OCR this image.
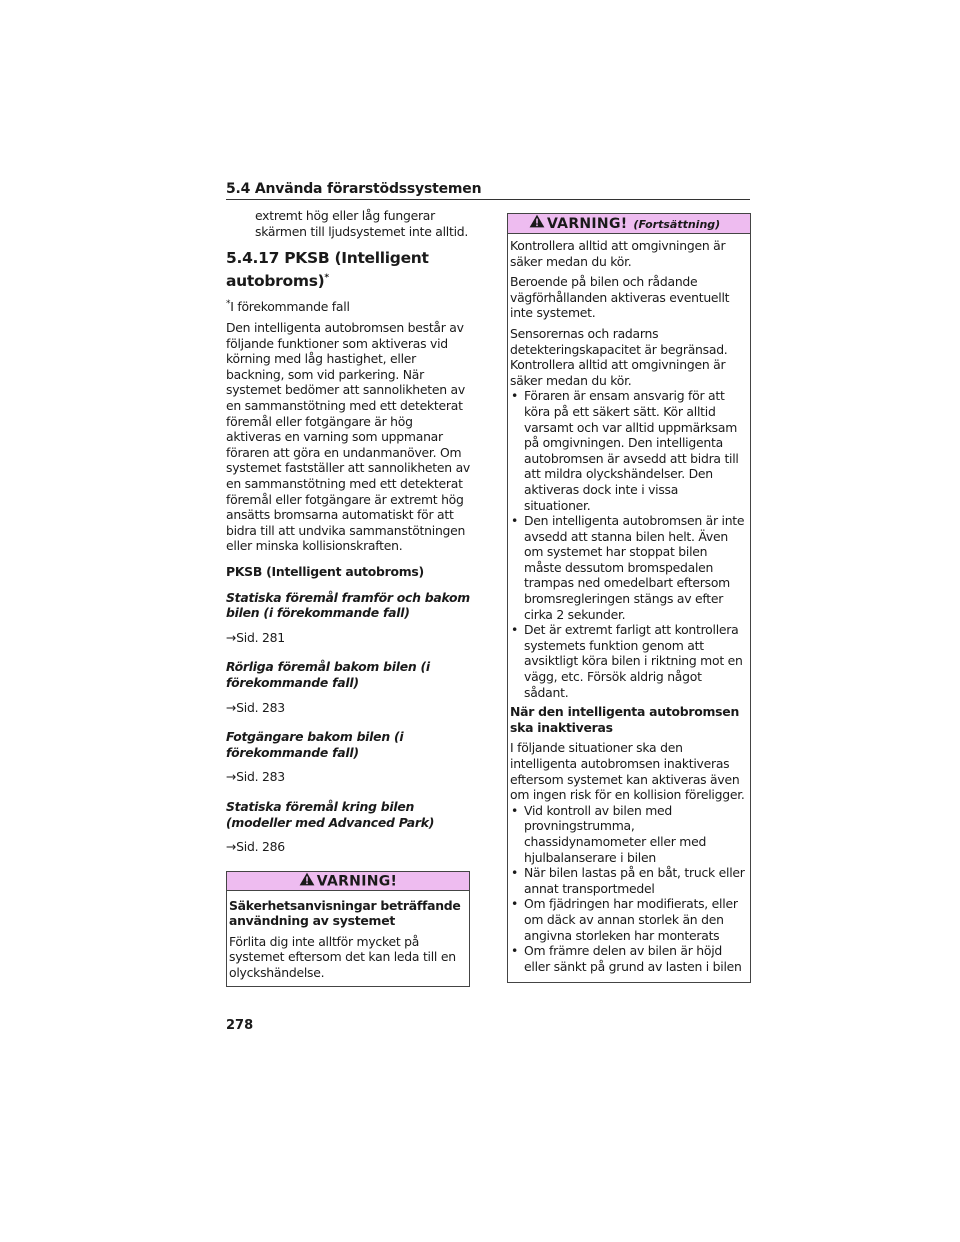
5.4 Använda förarstödssystemen

extremt hög eller låg fungerar skärmen till ljudsystemet inte alltid.

5.4.17 PKSB (Intelligent autobroms)*

*I förekommande fall

Den intelligenta autobromsen består av följande funktioner som aktiveras vid körning med låg hastighet, eller backning, som vid parkering. När systemet bedömer att sannolikheten av en sammanstötning med ett detekterat föremål eller fotgängare är hög aktiveras en varning som uppmanar föraren att göra en undanmanöver. Om systemet fastställer att sannolikheten av en sammanstötning med ett detekterat föremål eller fotgängare är extremt hög ansätts bromsarna automatiskt för att bidra till att undvika sammanstötningen eller minska kollisionskraften.

PKSB (Intelligent autobroms)

Statiska föremål framför och bakom bilen (i förekommande fall)

→Sid. 281

Rörliga föremål bakom bilen (i förekommande fall)

→Sid. 283

Fotgängare bakom bilen (i förekommande fall)

→Sid. 283

Statiska föremål kring bilen (modeller med Advanced Park)

→Sid. 286

VARNING!

Säkerhetsanvisningar beträffande användning av systemet

Förlita dig inte alltför mycket på systemet eftersom det kan leda till en olyckshändelse.

VARNING! (Fortsättning)

Kontrollera alltid att omgivningen är säker medan du kör.

Beroende på bilen och rådande vägförhållanden aktiveras eventuellt inte systemet.

Sensorernas och radarns detekteringskapacitet är begränsad. Kontrollera alltid att omgivningen är säker medan du kör.

• Föraren är ensam ansvarig för att köra på ett säkert sätt. Kör alltid varsamt och var alltid uppmärksam på omgivningen. Den intelligenta autobromsen är avsedd att bidra till att mildra olyckshändelser. Den aktiveras dock inte i vissa situationer.
• Den intelligenta autobromsen är inte avsedd att stanna bilen helt. Även om systemet har stoppat bilen måste dessutom bromspedalen trampas ned omedelbart eftersom bromsregleringen stängs av efter cirka 2 sekunder.
• Det är extremt farligt att kontrollera systemets funktion genom att avsiktligt köra bilen i riktning mot en vägg, etc. Försök aldrig något sådant.

När den intelligenta autobromsen ska inaktiveras

I följande situationer ska den intelligenta autobromsen inaktiveras eftersom systemet kan aktiveras även om ingen risk för en kollision föreligger.

• Vid kontroll av bilen med provningstrumma, chassidynamometer eller med hjulbalanserare i bilen
• När bilen lastas på en båt, truck eller annat transportmedel
• Om fjädringen har modifierats, eller om däck av annan storlek än den angivna storleken har monterats
• Om främre delen av bilen är höjd eller sänkt på grund av lasten i bilen
278
